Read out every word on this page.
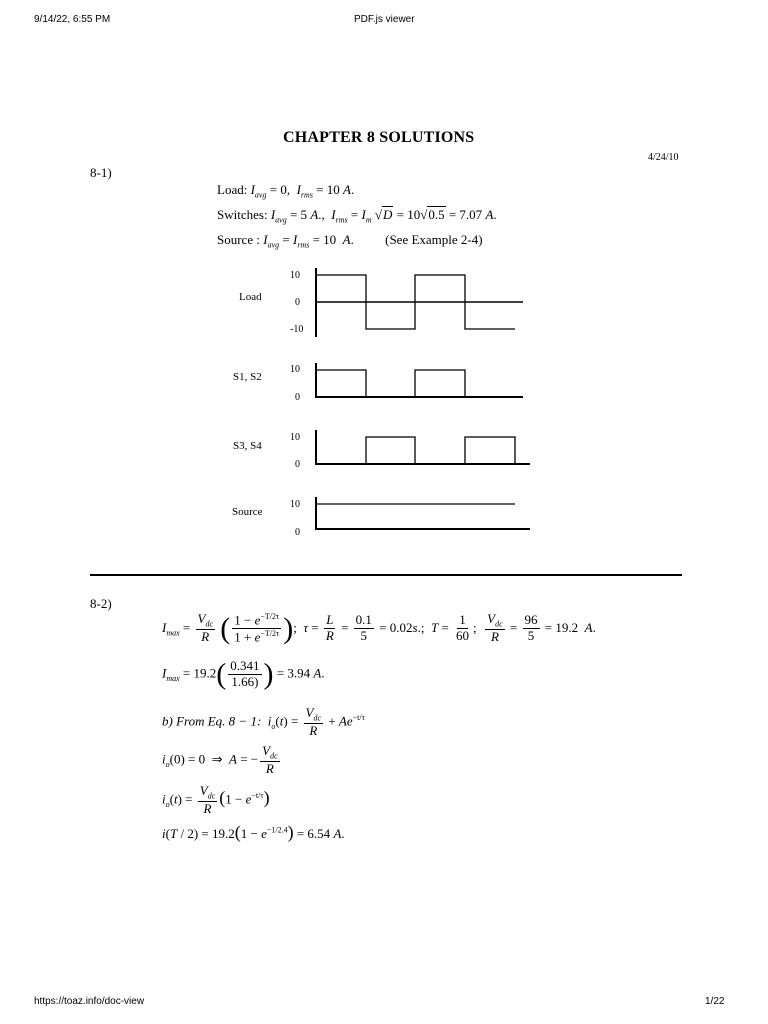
9/14/22, 6:55 PM	PDF.js viewer
https://toaz.info/doc-view	1/22
CHAPTER 8 SOLUTIONS
4/24/10
8-1)
Load: $I_{avg} = 0$,  $I_{rms} = 10$ A.
Switches: $I_{avg} = 5$ A.,  $I_{rms} = I_m$ √D = 10√0.5 = 7.07 A.
Source : $I_{avg} = I_{rms} = 10$  A. (See Example 2-4)
Load
10
0
-10
S1, S2
10
0
S3, S4
10
0
Source
10
0
8-2)
$I_{max} = \frac{V_{dc}}{R}$ ( $\frac{1 - e^{-T/2\tau}}{1 + e^{-T/2\tau}}$ );  $\tau = \frac{L}{R} = \frac{0.1}{5} = 0.02s$.;  $T = \frac{1}{60}$ ; $\frac{V_{dc}}{R} = \frac{96}{5} = 19.2$  A.
$I_{max} = 19.2( \frac{0.341}{1.66)}$ ) = 3.94 A.
b) From Eq. 8 − 1: $i_o(t) = \frac{V_{dc}}{R} + Ae^{-t/\tau}$
$i_o(0) = 0$  ⇒  A = − $\frac{V_{dc}}{R}$
$i_o(t) = \frac{V_{dc}}{R} (1 - e^{-t/\tau})$
$i(T / 2) = 19.2(1 - e^{-1/2.4}) = 6.54$ A.
